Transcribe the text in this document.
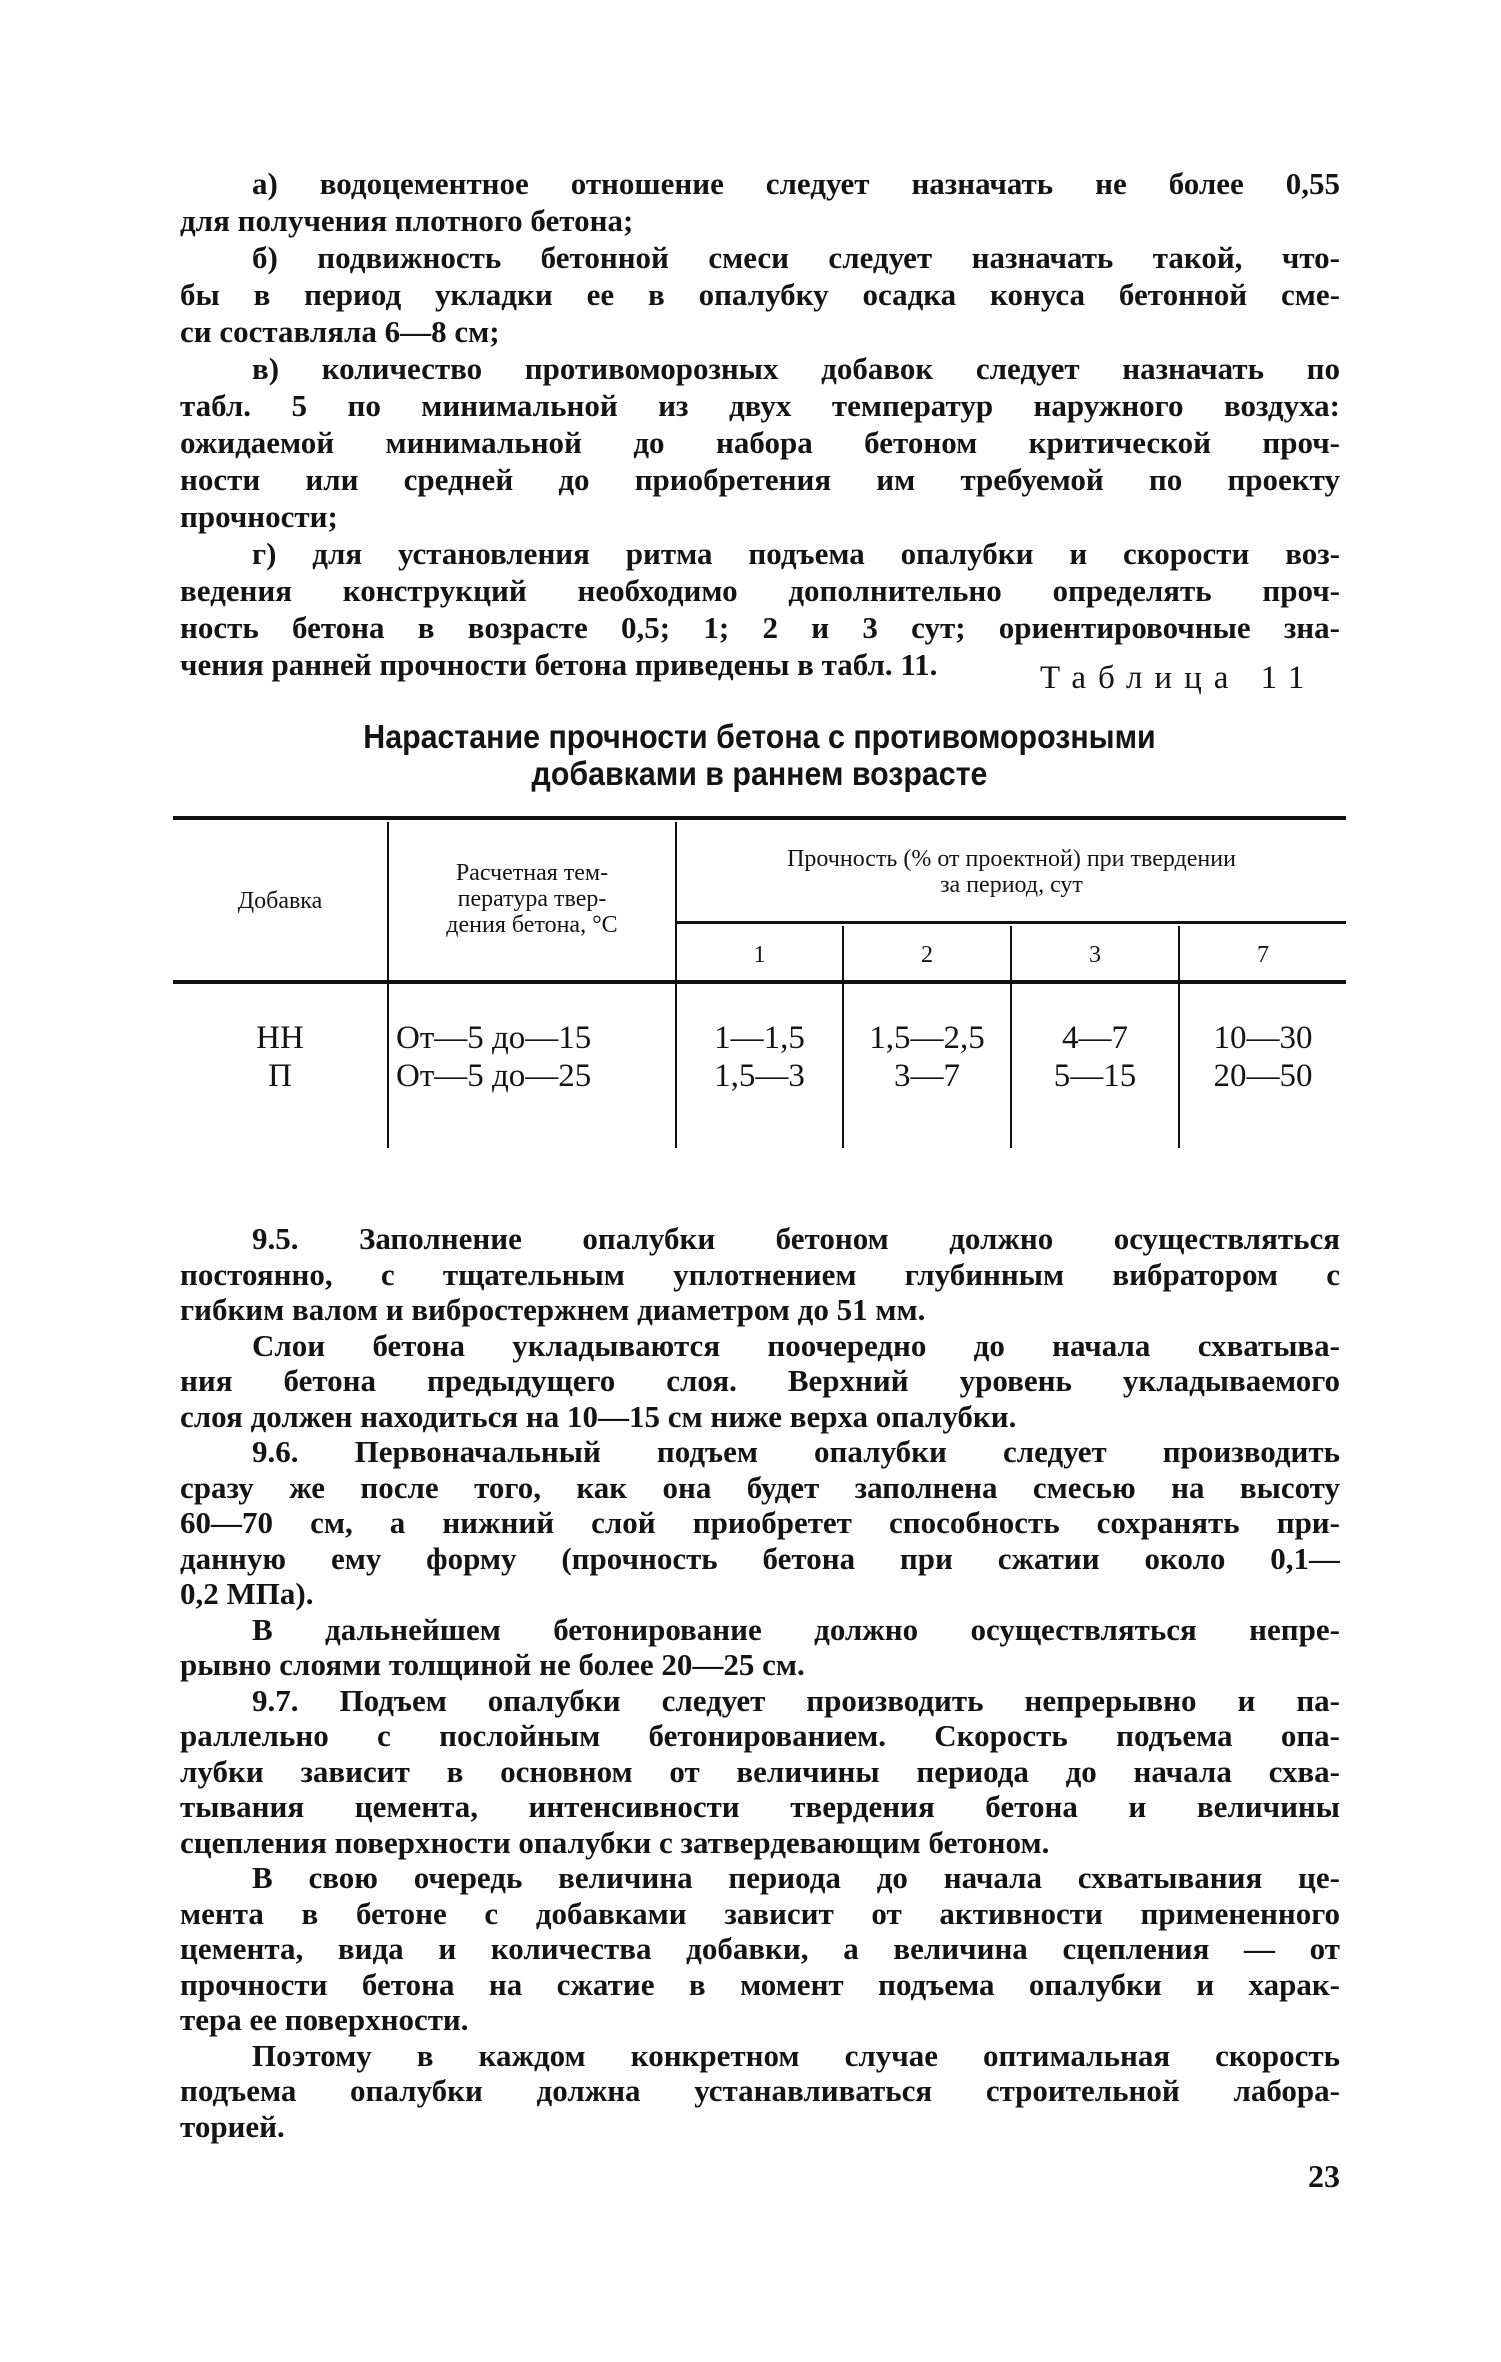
а) водоцементное отношение следует назначать не более 0,55
для получения плотного бетона;
б) подвижность бетонной смеси следует назначать такой, что-
бы в период укладки ее в опалубку осадка конуса бетонной сме-
си составляла 6—8 см;
в) количество противоморозных добавок следует назначать по
табл. 5 по минимальной из двух температур наружного воздуха:
ожидаемой минимальной до набора бетоном критической проч-
ности или средней до приобретения им требуемой по проекту
прочности;
г) для установления ритма подъема опалубки и скорости воз-
ведения конструкций необходимо дополнительно определять проч-
ность бетона в возрасте 0,5; 1; 2 и 3 сут; ориентировочные зна-
чения ранней прочности бетона приведены в табл. 11.	Таблица 11
Нарастание прочности бетона с противоморозными
добавками в раннем возрасте
Добавка
Расчетная тем-
пература твер-
дения бетона, °С
Прочность (% от проектной) при твердении
за период, сут
1	2	3	7
НН	От—5 до—15	1—1,5	1,5—2,5	4—7	10—30
П	От—5 до—25	1,5—3	3—7	5—15	20—50
9.5. Заполнение опалубки бетоном должно осуществляться
постоянно, с тщательным уплотнением глубинным вибратором с
гибким валом и вибростержнем диаметром до 51 мм.
Слои бетона укладываются поочередно до начала схватыва-
ния бетона предыдущего слоя. Верхний уровень укладываемого
слоя должен находиться на 10—15 см ниже верха опалубки.
9.6. Первоначальный подъем опалубки следует производить
сразу же после того, как она будет заполнена смесью на высоту
60—70 см, а нижний слой приобретет способность сохранять при-
данную ему форму (прочность бетона при сжатии около 0,1—
0,2 МПа).
В дальнейшем бетонирование должно осуществляться непре-
рывно слоями толщиной не более 20—25 см.
9.7. Подъем опалубки следует производить непрерывно и па-
раллельно с послойным бетонированием. Скорость подъема опа-
лубки зависит в основном от величины периода до начала схва-
тывания цемента, интенсивности твердения бетона и величины
сцепления поверхности опалубки с затвердевающим бетоном.
В свою очередь величина периода до начала схватывания це-
мента в бетоне с добавками зависит от активности примененного
цемента, вида и количества добавки, а величина сцепления — от
прочности бетона на сжатие в момент подъема опалубки и харак-
тера ее поверхности.
Поэтому в каждом конкретном случае оптимальная скорость
подъема опалубки должна устанавливаться строительной лабора-
торией.
23
